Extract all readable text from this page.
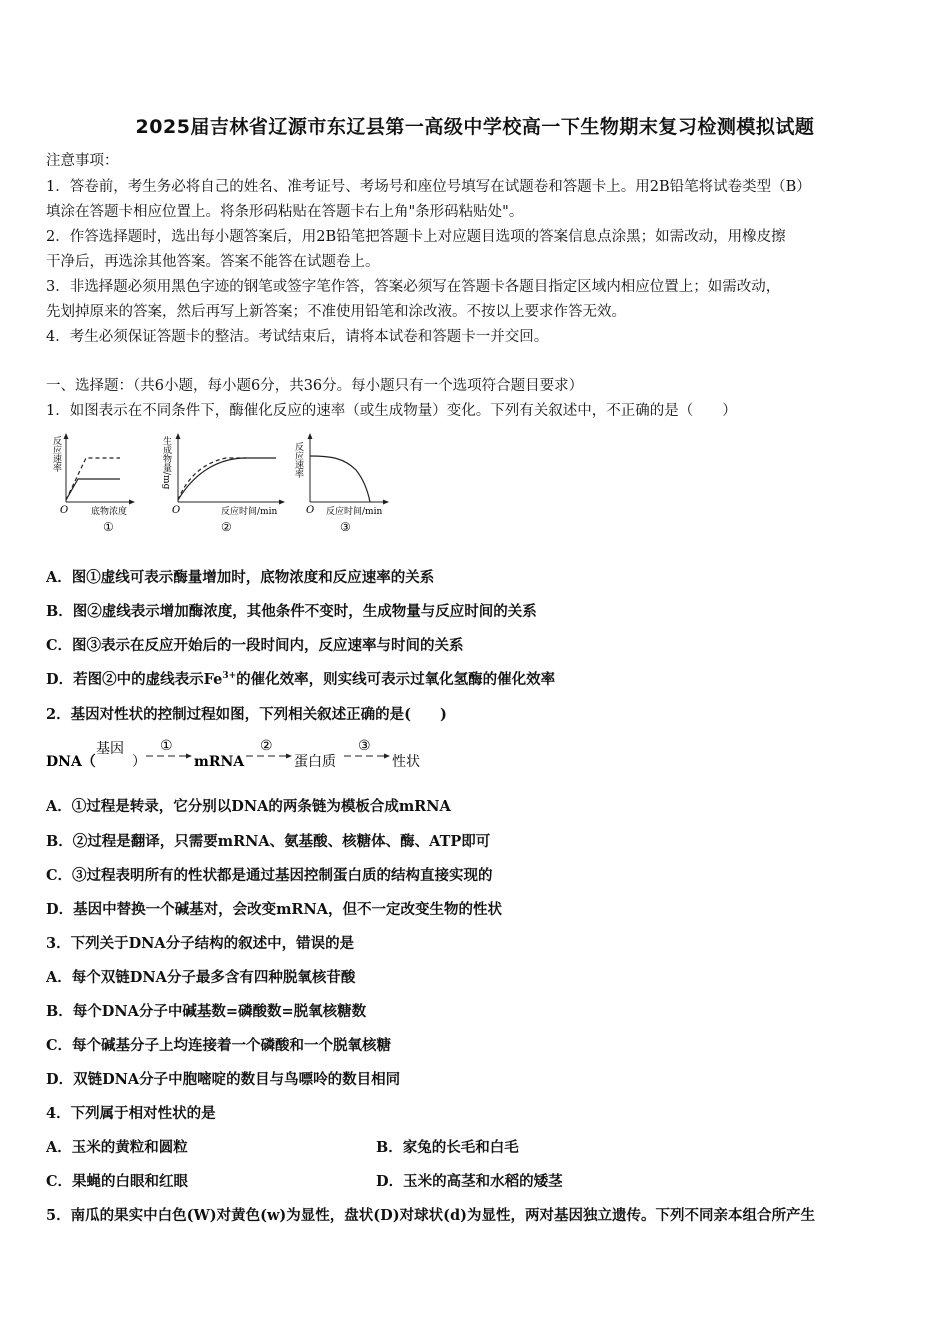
2025届吉林省辽源市东辽县第一高级中学校高一下生物期末复习检测模拟试题
注意事项：
1．答卷前，考生务必将自己的姓名、准考证号、考场号和座位号填写在试题卷和答题卡上。用2B铅笔将试卷类型（B）
填涂在答题卡相应位置上。将条形码粘贴在答题卡右上角"条形码粘贴处"。
2．作答选择题时，选出每小题答案后，用2B铅笔把答题卡上对应题目选项的答案信息点涂黑；如需改动，用橡皮擦
干净后，再选涂其他答案。答案不能答在试题卷上。
3．非选择题必须用黑色字迹的钢笔或签字笔作答，答案必须写在答题卡各题目指定区域内相应位置上；如需改动，
先划掉原来的答案，然后再写上新答案；不准使用铅笔和涂改液。不按以上要求作答无效。
4．考生必须保证答题卡的整洁。考试结束后，请将本试卷和答题卡一并交回。
一、选择题：（共6小题，每小题6分，共36分。每小题只有一个选项符合题目要求）
1．如图表示在不同条件下，酶催化反应的速率（或生成物量）变化。下列有关叙述中，不正确的是（　　）
反应速率
O	底物浓度
①
生成物量/mg
O	反应时间/min
②
反应速率
O 反应时间/min
③
A．图①虚线可表示酶量增加时，底物浓度和反应速率的关系
B．图②虚线表示增加酶浓度，其他条件不变时，生成物量与反应时间的关系
C．图③表示在反应开始后的一段时间内，反应速率与时间的关系
D．若图②中的虚线表示$Fe^{3+}$的催化效率，则实线可表示过氧化氢酶的催化效率
2．基因对性状的控制过程如图，下列相关叙述正确的是(　　)
DNA（
基因
）
①
mRNA
②
蛋白质
③
性状
A．①过程是转录，它分别以DNA的两条链为模板合成mRNA
B．②过程是翻译，只需要mRNA、氨基酸、核糖体、酶、ATP即可
C．③过程表明所有的性状都是通过基因控制蛋白质的结构直接实现的
D．基因中替换一个碱基对，会改变mRNA，但不一定改变生物的性状
3．下列关于DNA分子结构的叙述中，错误的是
A．每个双链DNA分子最多含有四种脱氧核苷酸
B．每个DNA分子中碱基数=磷酸数=脱氧核糖数
C．每个碱基分子上均连接着一个磷酸和一个脱氧核糖
D．双链DNA分子中胞嘧啶的数目与鸟嘌呤的数目相同
4．下列属于相对性状的是
A．玉米的黄粒和圆粒	B．家兔的长毛和白毛
C．果蝇的白眼和红眼	D．玉米的高茎和水稻的矮茎
5．南瓜的果实中白色(W)对黄色(w)为显性，盘状(D)对球状(d)为显性，两对基因独立遗传。下列不同亲本组合所产生
